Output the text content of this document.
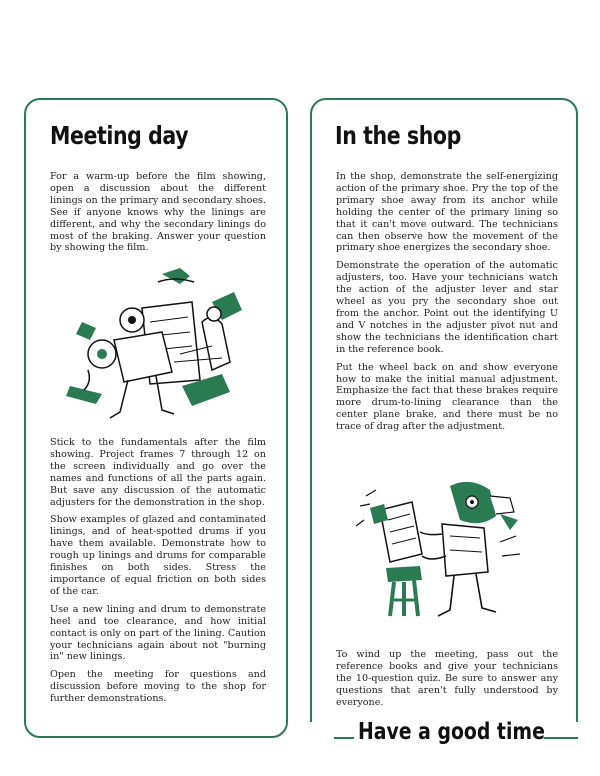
Meeting day

For a warm-up before the film showing, open a discussion about the different linings on the primary and secondary shoes. See if anyone knows why the linings are different, and why the secondary linings do most of the braking. Answer your question by showing the film.

Stick to the fundamentals after the film showing. Project frames 7 through 12 on the screen individually and go over the names and functions of all the parts again. But save any discussion of the automatic adjusters for the demonstration in the shop.

Show examples of glazed and contaminated linings, and of heat-spotted drums if you have them available. Demonstrate how to rough up linings and drums for comparable finishes on both sides. Stress the importance of equal friction on both sides of the car.

Use a new lining and drum to demonstrate heel and toe clearance, and how initial contact is only on part of the lining. Caution your technicians again about not "burning in" new linings.

Open the meeting for questions and discussion before moving to the shop for further demonstrations.

In the shop

In the shop, demonstrate the self-energizing action of the primary shoe. Pry the top of the primary shoe away from its anchor while holding the center of the primary lining so that it can't move outward. The technicians can then observe how the movement of the primary shoe energizes the secondary shoe.

Demonstrate the operation of the automatic adjusters, too. Have your technicians watch the action of the adjuster lever and star wheel as you pry the secondary shoe out from the anchor. Point out the identifying U and V notches in the adjuster pivot nut and show the technicians the identification chart in the reference book.

Put the wheel back on and show everyone how to make the initial manual adjustment. Emphasize the fact that these brakes require more drum-to-lining clearance than the center plane brake, and there must be no trace of drag after the adjustment.

To wind up the meeting, pass out the reference books and give your technicians the 10-question quiz. Be sure to answer any questions that aren't fully understood by everyone.

Have a good time
